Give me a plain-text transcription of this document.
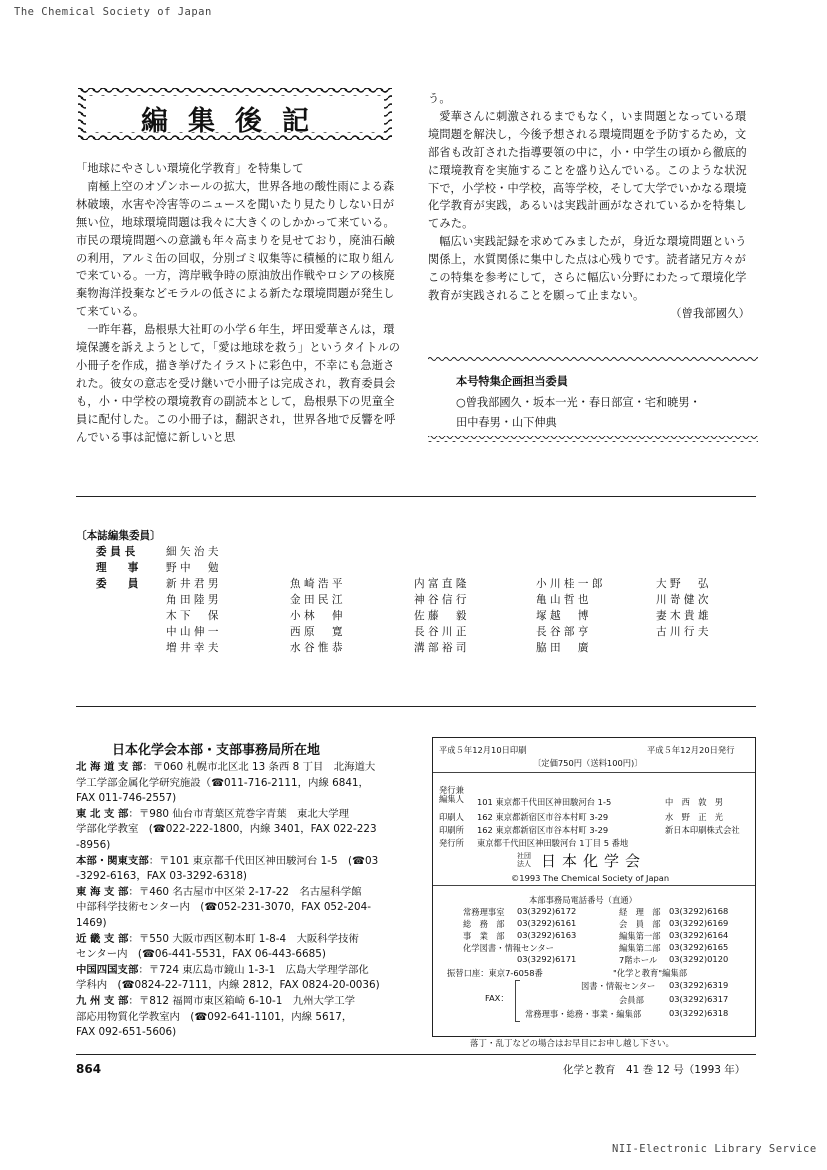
The Chemical Society of Japan
NII-Electronic Library Service
編集後記

「地球にやさしい環境化学教育」を特集して

南極上空のオゾンホールの拡大，世界各地の酸性雨による森林破壊，水害や冷害等のニュースを聞いたり見たりしない日が無い位，地球環境問題は我々に大きくのしかかって来ている。市民の環境問題への意識も年々高まりを見せており，廃油石鹸の利用，アルミ缶の回収，分別ゴミ収集等に積極的に取り組んで来ている。一方，湾岸戦争時の原油放出作戦やロシアの核廃棄物海洋投棄などモラルの低さによる新たな環境問題が発生して来ている。

一昨年暮，島根県大社町の小学６年生，坪田愛華さんは，環境保護を訴えようとして，「愛は地球を救う」というタイトルの小冊子を作成，描き挙げたイラストに彩色中，不幸にも急逝された。彼女の意志を受け継いで小冊子は完成され，教育委員会も，小・中学校の環境教育の副読本として，島根県下の児童全員に配付した。この小冊子は，翻訳され，世界各地で反響を呼んでいる事は記憶に新しいと思

う。

愛華さんに刺激されるまでもなく，いま問題となっている環境問題を解決し，今後予想される環境問題を予防するため，文部省も改訂された指導要領の中に，小・中学生の頃から徹底的に環境教育を実施することを盛り込んでいる。このような状況下で，小学校・中学校，高等学校，そして大学でいかなる環境化学教育が実践，あるいは実践計画がなされているかを特集してみた。

幅広い実践記録を求めてみましたが，身近な環境問題という関係上，水質関係に集中した点は心残りです。読者諸兄方々がこの特集を参考にして，さらに幅広い分野にわたって環境化学教育が実践されることを願って止まない。

（曾我部國久）

本号特集企画担当委員
○曾我部國久・坂本一光・春日部宣・宅和暁男・
田中春男・山下伸典
〔本誌編集委員〕
委 員 長	細 矢 治 夫
理　　事	野 中 　 勉
委　　員	新 井 君 男	魚 崎 浩 平	内 富 直 隆	小 川 桂 一 郎	大 野 　 弘
角 田 陸 男	金 田 民 江	神 谷 信 行	亀 山 哲 也	川 嵜 健 次
木 下 　 保	小 林 　 伸	佐 藤 　 毅	塚 越 　 博	妻 木 貴 雄
中 山 伸 一	西 原 　 寛	長 谷 川 正	長 谷 部 亨	古 川 行 夫
増 井 幸 夫	水 谷 惟 恭	溝 部 裕 司	脇 田 　 廣
日本化学会本部・支部事務局所在地

北 海 道 支 部：〒060 札幌市北区北 13 条西 8 丁目　北海道大
学工学部金属化学研究施設（☎011-716-2111，内線 6841，
FAX 011-746-2557)

東 北 支 部：〒980 仙台市青葉区荒巻字青葉　東北大学理
学部化学教室　(☎022-222-1800，内線 3401，FAX 022-223
-8956)

本部・関東支部：〒101 東京都千代田区神田駿河台 1-5　(☎03
-3292-6163，FAX 03-3292-6318)

東 海 支 部：〒460 名古屋市中区栄 2-17-22　名古屋科学館
中部科学技術センター内　(☎052-231-3070，FAX 052-204-
1469)

近 畿 支 部：〒550 大阪市西区靭本町 1-8-4　大阪科学技術
センター内　(☎06-441-5531，FAX 06-443-6685)

中国四国支部：〒724 東広島市鏡山 1-3-1　広島大学理学部化
学科内　(☎0824-22-7111，内線 2812，FAX 0824-20-0036)

九 州 支 部：〒812 福岡市東区箱崎 6-10-1　九州大学工学
部応用物質化学教室内　(☎092-641-1101，内線 5617，
FAX 092-651-5606)

平成５年12月10日印刷	平成５年12月20日発行
〔定価750円（送料100円)〕
発行兼編集人	101 東京都千代田区神田駿河台 1-5	中　西　敦　男
印刷人 162 東京都新宿区市谷本村町 3-29	水　野　正　光
印刷所 162 東京都新宿区市谷本村町 3-29	新日本印刷株式会社
発行所 東京都千代田区神田駿河台 1丁目 5 番地
社団法人 日本化学会
©1993 The Chemical Society of Japan
本部事務局電話番号（直通）
常務理事室 03(3292)6172	経　理　部 03(3292)6168
総　務　部 03(3292)6161	会　員　部 03(3292)6169
事　業　部 03(3292)6163	編集第一部 03(3292)6164
化学図書・情報センター	編集第二部 03(3292)6165
03(3292)6171	7階ホール 03(3292)0120
振替口座：東京7-6058番	"化学と教育"編集部
FAX：
図書・情報センター 03(3292)6319
会員部	03(3292)6317
常務理事・総務・事業・編集部	03(3292)6318
落丁・乱丁などの場合はお早目にお申し越し下さい。
864	化学と教育　41 巻 12 号（1993 年）
